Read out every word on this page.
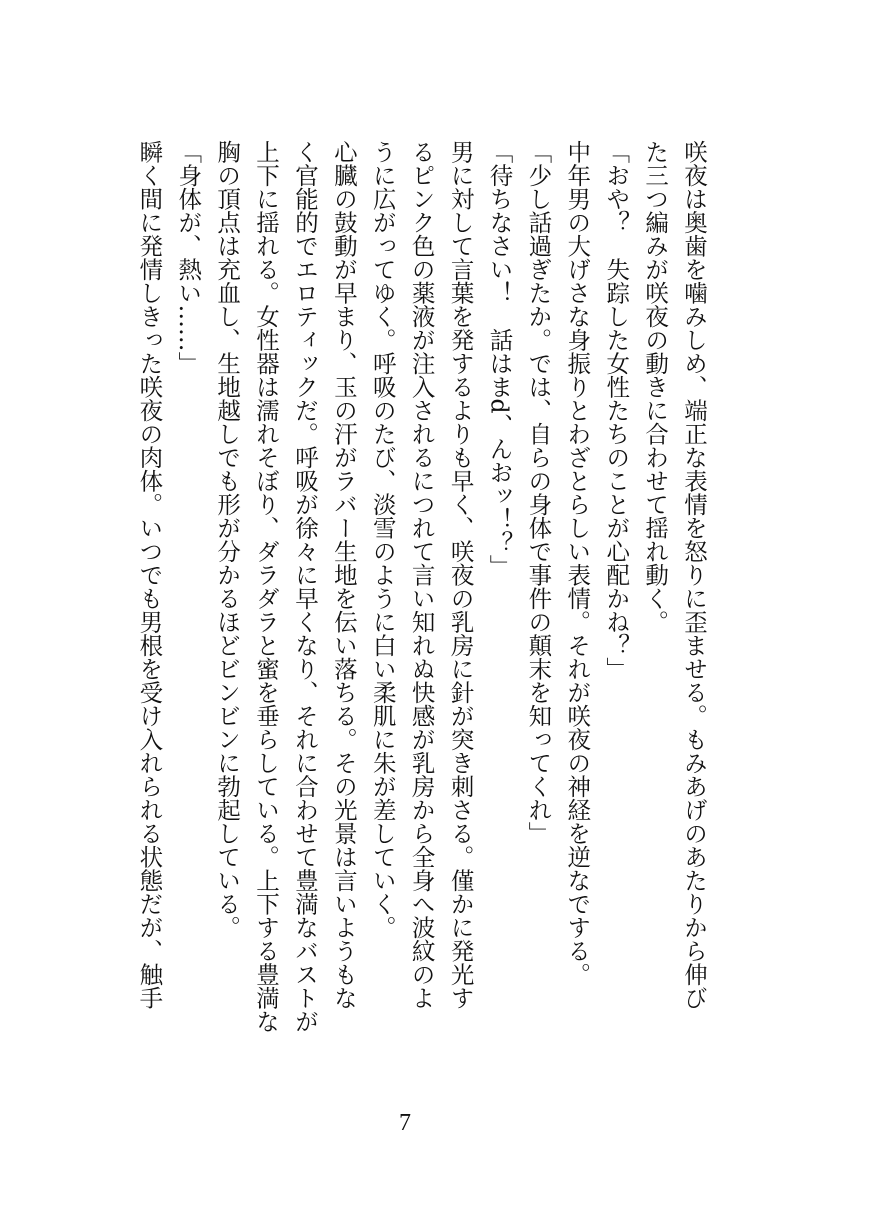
咲夜は奥歯を噛みしめ、端正な表情を怒りに歪ませる。もみあげのあたりから伸び
た三つ編みが咲夜の動きに合わせて揺れ動く。
「おや？　失踪した女性たちのことが心配かね？」
中年男の大げさな身振りとわざとらしい表情。それが咲夜の神経を逆なでする。
「少し話過ぎたか。では、自らの身体で事件の顛末を知ってくれ」
「待ちなさい！　話はまd、んおッ！？」
男に対して言葉を発するよりも早く、咲夜の乳房に針が突き刺さる。僅かに発光す
るピンク色の薬液が注入されるにつれて言い知れぬ快感が乳房から全身へ波紋のよ
うに広がってゆく。呼吸のたび、淡雪のように白い柔肌に朱が差していく。
心臓の鼓動が早まり、玉の汗がラバー生地を伝い落ちる。その光景は言いようもな
く官能的でエロティックだ。呼吸が徐々に早くなり、それに合わせて豊満なバストが
上下に揺れる。女性器は濡れそぼり、ダラダラと蜜を垂らしている。上下する豊満な
胸の頂点は充血し、生地越しでも形が分かるほどビンビンに勃起している。
「身体が、熱い……」
瞬く間に発情しきった咲夜の肉体。いつでも男根を受け入れられる状態だが、触手
7
